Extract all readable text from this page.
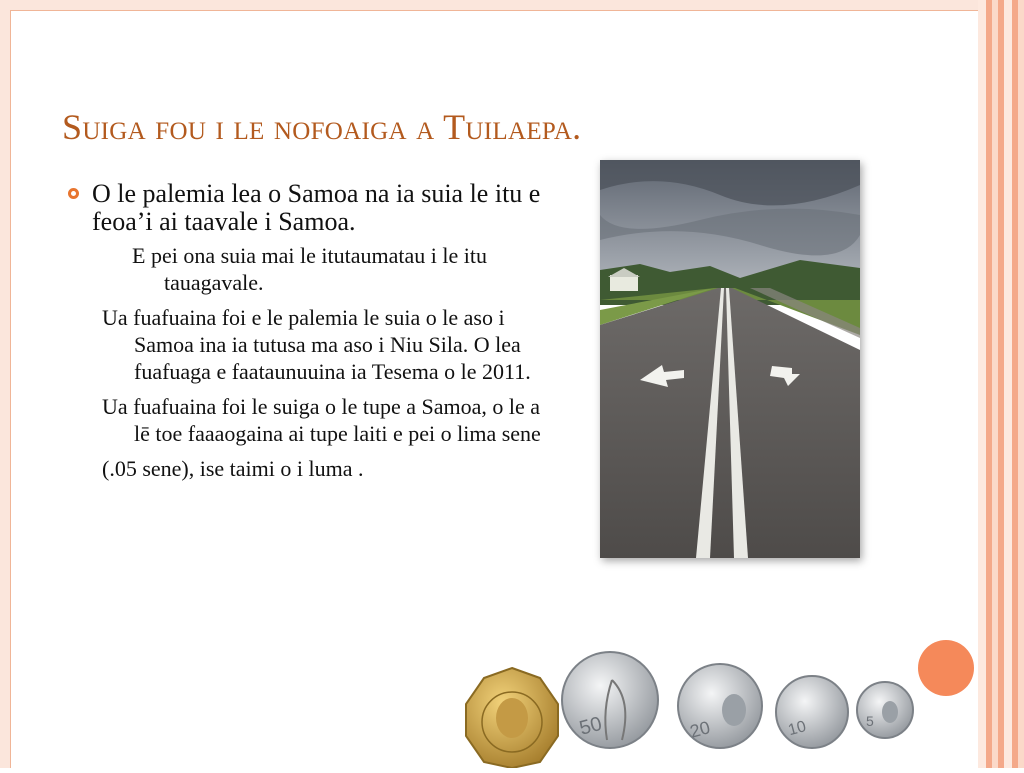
Suiga fou i le nofoaiga a Tuilaepa.
O le palemia lea o Samoa na ia suia le itu e feoa’i ai taavale i Samoa.
E pei ona suia mai le itutaumatau i le itu tauagavale.
Ua fuafuaina foi e le palemia le suia o le aso i Samoa ina ia tutusa ma aso i Niu Sila. O lea fuafuaga e faataunuuina ia Tesema o le 2011.
Ua fuafuaina foi le suiga o le tupe a Samoa, o le a lē toe faaaogaina ai tupe laiti e pei o lima sene
(.05 sene), ise taimi o i luma .
50	20	10	5
